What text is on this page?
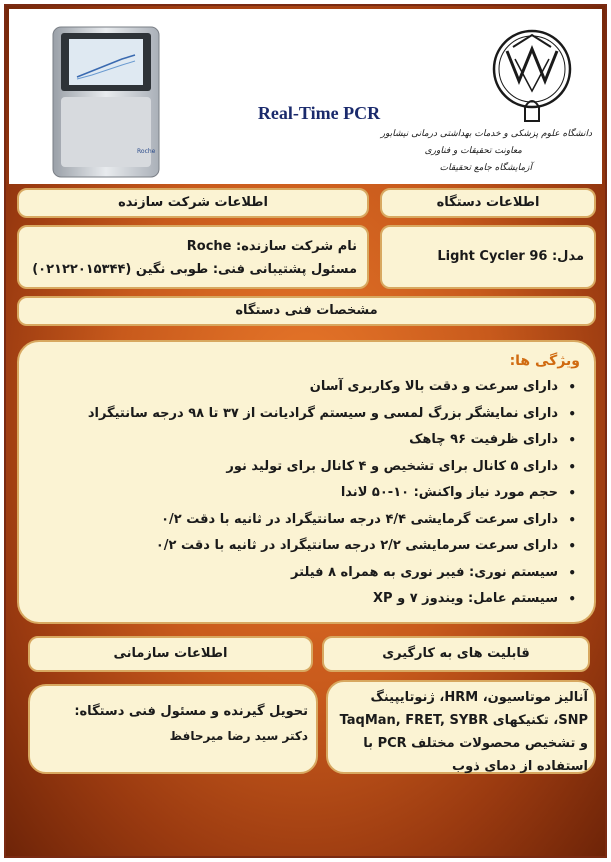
Roche
Real-Time PCR
دانشگاه علوم پزشکی و خدمات بهداشتی درمانی نیشابور
معاونت تحقیقات و فناوری
آزمایشگاه جامع تحقیقات
اطلاعات شرکت سازنده	اطلاعات دستگاه
نام شرکت سازنده: Roche
مسئول پشتیبانی فنی: طوبی نگین (۰۲۱۲۲۰۱۵۳۴۴)
مدل: Light Cycler 96
مشخصات فنی دستگاه
ویژگی ها:
• دارای سرعت و دقت بالا وکاربری آسان
• دارای نمایشگر بزرگ لمسی و سیستم گرادیانت از ۳۷ تا ۹۸ درجه سانتیگراد
• دارای ظرفیت ۹۶ چاهک
• دارای ۵ کانال برای تشخیص و ۴ کانال برای تولید نور
• حجم مورد نیاز واکنش: ۱۰-۵۰ لاندا
• دارای سرعت گرمایشی ۴/۴ درجه سانتیگراد در ثانیه با دقت ۰/۲
• دارای سرعت سرمایشی ۲/۲ درجه سانتیگراد در ثانیه با دقت ۰/۲
• سیستم نوری: فیبر نوری به همراه ۸ فیلتر
• سیستم عامل: ویندوز ۷ و XP
اطلاعات سازمانی	قابلیت های به کارگیری
تحویل گیرنده و مسئول فنی دستگاه:
دکتر سید رضا میرحافظ
آنالیز موتاسیون، HRM، ژنوتایپینگ SNP، تکنیکهای TaqMan, FRET, SYBR و تشخیص محصولات مختلف PCR با استفاده از دمای ذوب
